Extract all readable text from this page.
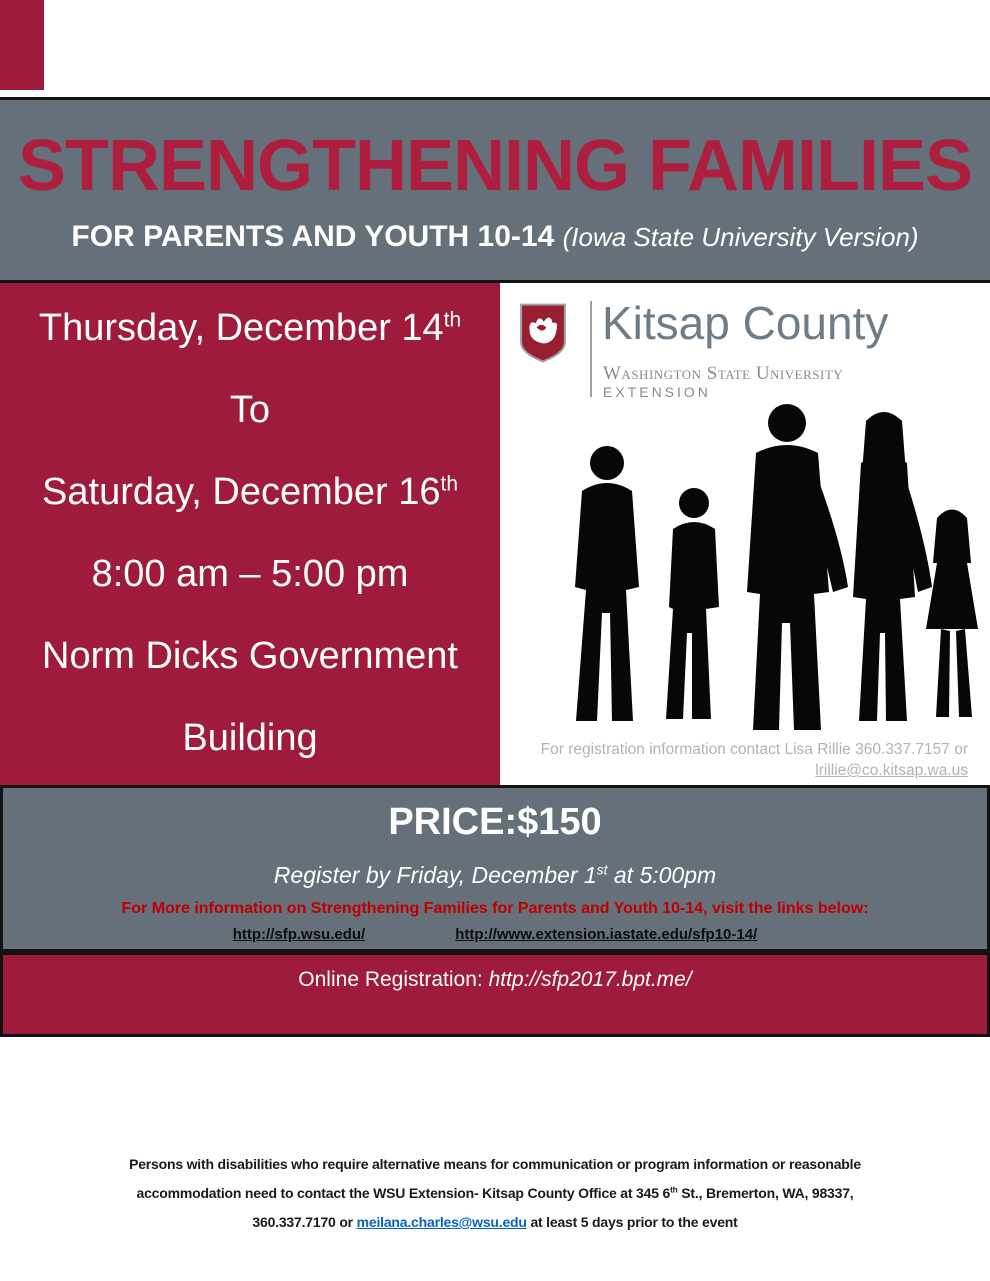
STRENGTHENING FAMILIES
FOR PARENTS AND YOUTH 10-14 (Iowa State University Version)
Thursday, December 14th
To
Saturday, December 16th
8:00 am – 5:00 pm
Norm Dicks Government
Building
Kitsap County
Washington State University
EXTENSION
For registration information contact Lisa Rillie 360.337.7157 or
lrillie@co.kitsap.wa.us
PRICE:$150
Register by Friday, December 1st at 5:00pm
For More information on Strengthening Families for Parents and Youth 10-14, visit the links below:
http://sfp.wsu.edu/	http://www.extension.iastate.edu/sfp10-14/
Online Registration: http://sfp2017.bpt.me/
Persons with disabilities who require alternative means for communication or program information or reasonable
accommodation need to contact the WSU Extension- Kitsap County Office at 345 6th St., Bremerton, WA, 98337,
360.337.7170 or meilana.charles@wsu.edu at least 5 days prior to the event
